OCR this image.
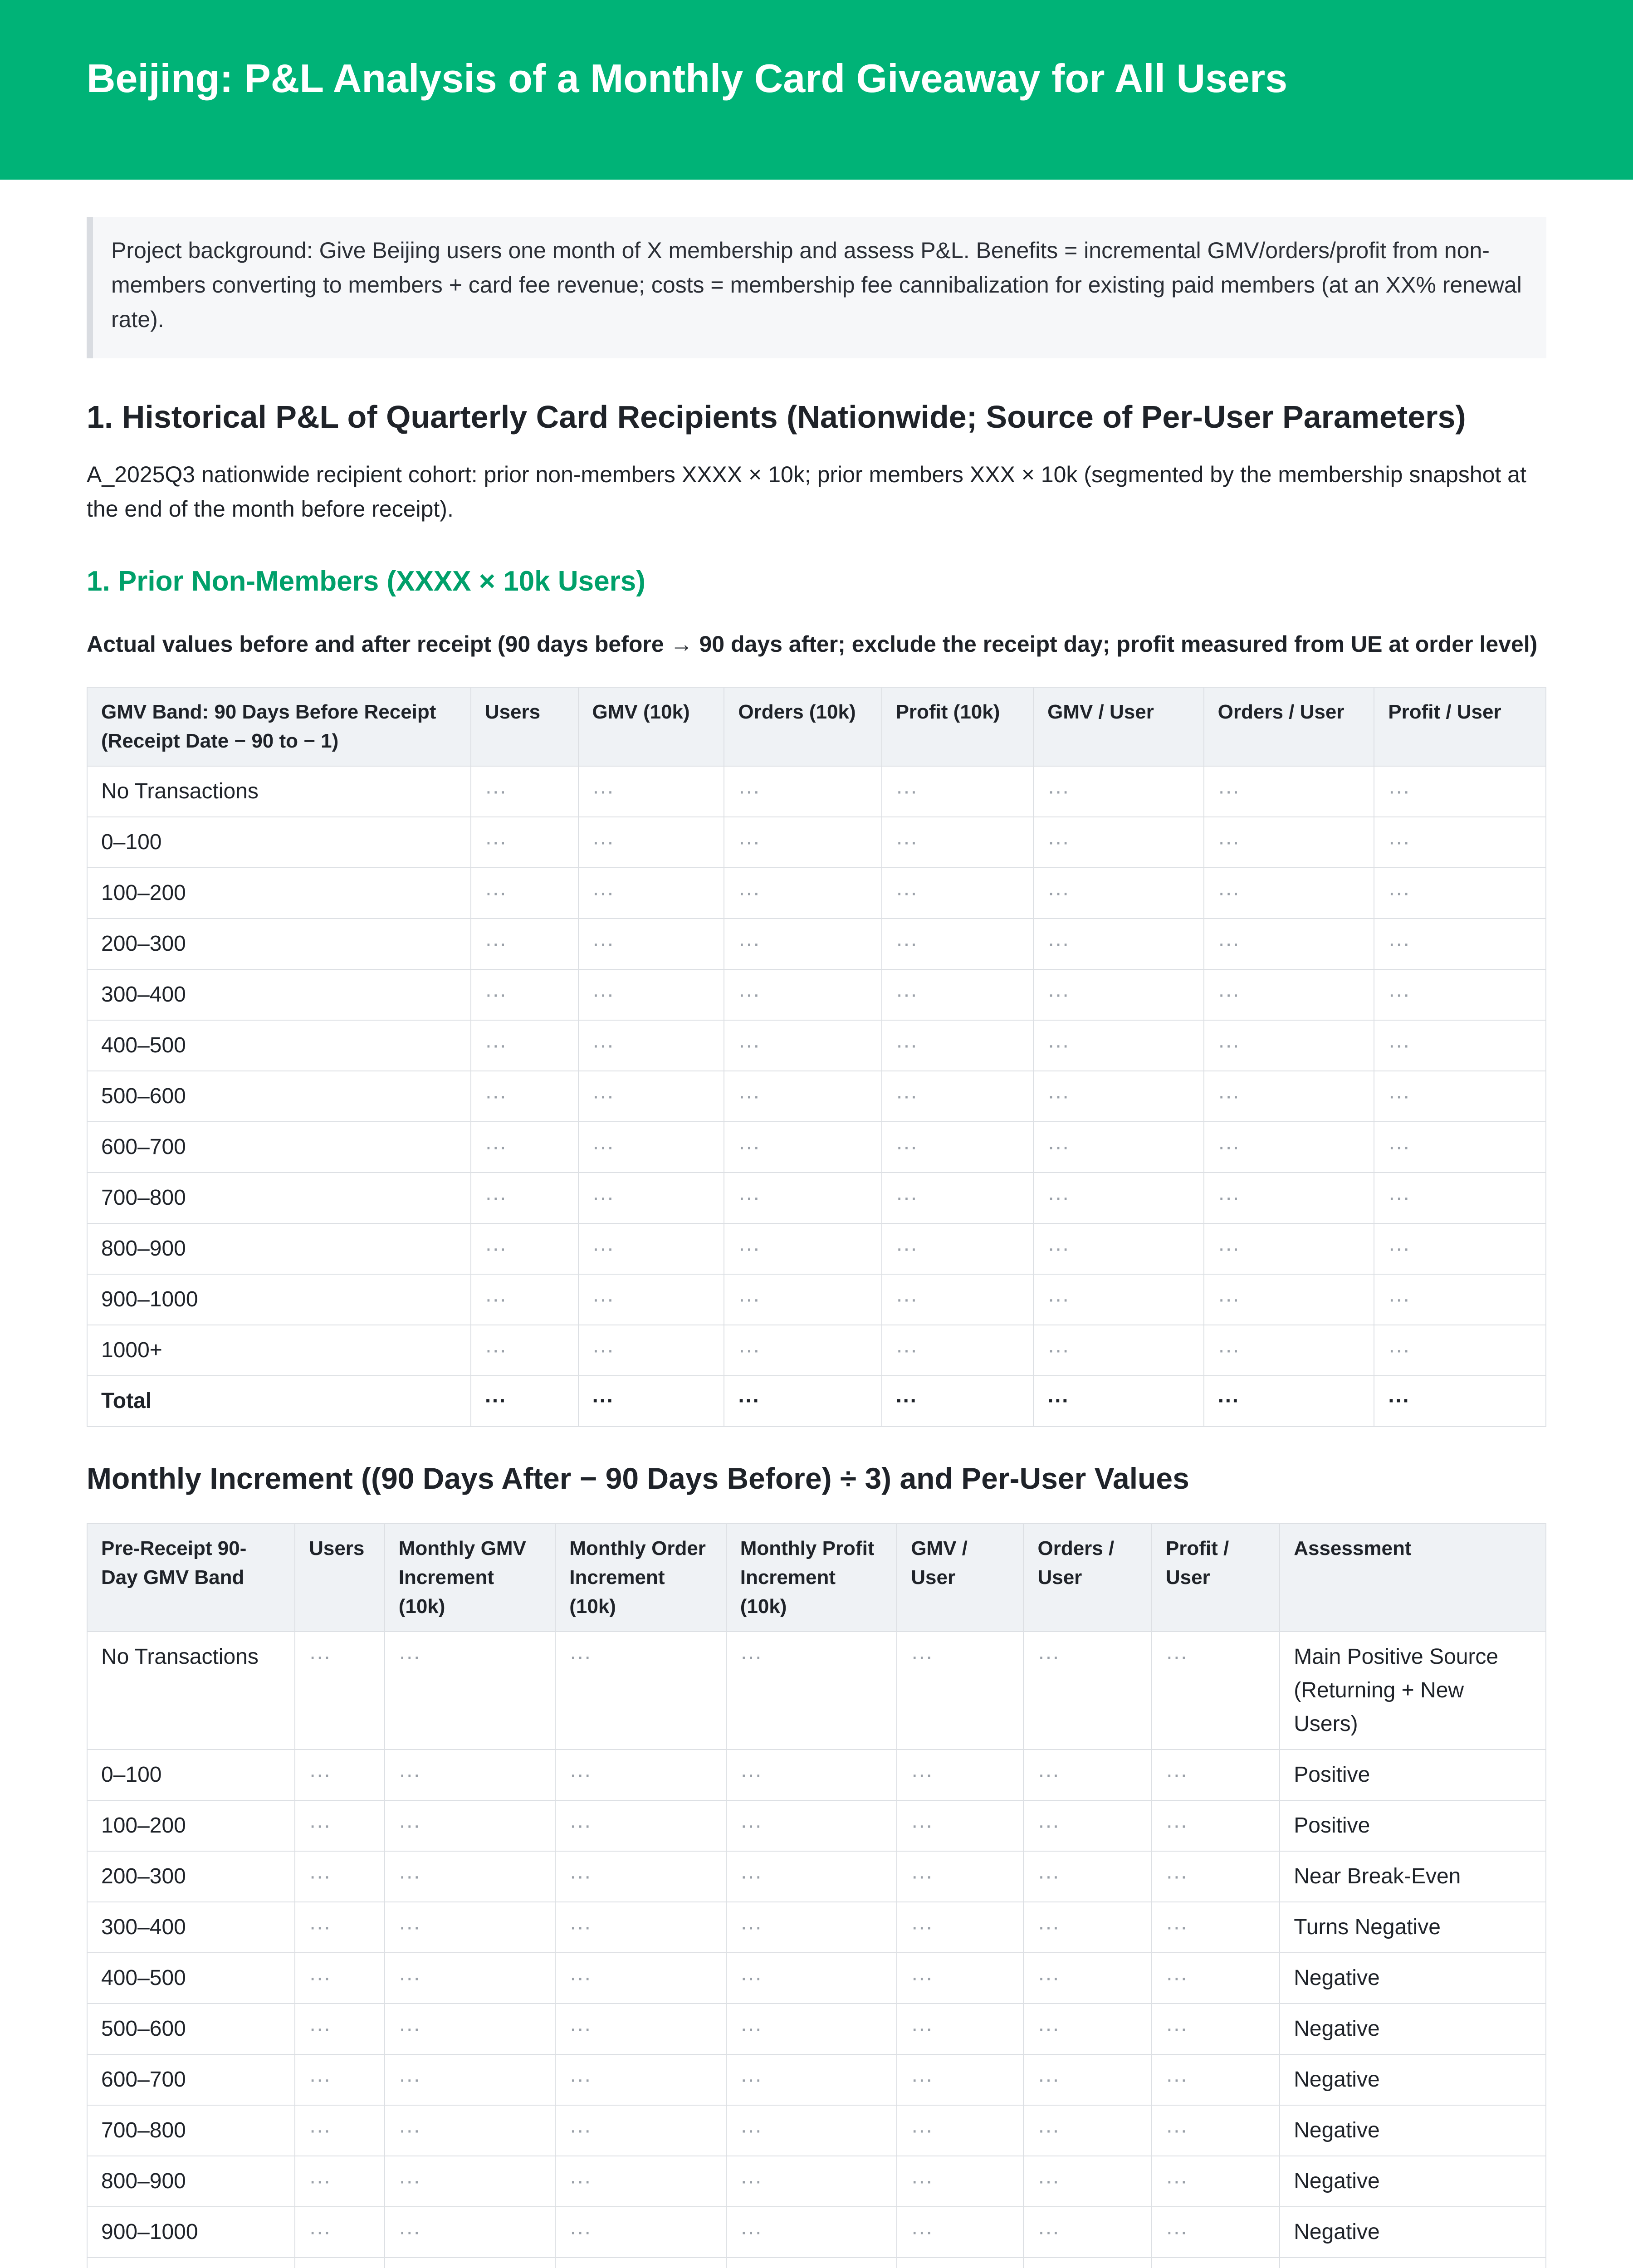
Beijing: P&L Analysis of a Monthly Card Giveaway for All Users
Project background: Give Beijing users one month of X membership and assess P&L. Benefits = incremental GMV/orders/profit from non-members converting to members + card fee revenue; costs = membership fee cannibalization for existing paid members (at an XX% renewal rate).
1. Historical P&L of Quarterly Card Recipients (Nationwide; Source of Per-User Parameters)

A_2025Q3 nationwide recipient cohort: prior non-members XXXX × 10k; prior members XXX × 10k (segmented by the membership snapshot at the end of the month before receipt).

1. Prior Non-Members (XXXX × 10k Users)
Actual values before and after receipt (90 days before → 90 days after; exclude the receipt day; profit measured from UE at order level)
GMV Band: 90 Days Before Receipt (Receipt Date − 90 to − 1)	Users	GMV (10k)	Orders (10k)	Profit (10k)	GMV / User	Orders / User	Profit / User
No Transactions	···	···	···	···	···	···	···
0–100	···	···	···	···	···	···	···
100–200	···	···	···	···	···	···	···
200–300	···	···	···	···	···	···	···
300–400	···	···	···	···	···	···	···
400–500	···	···	···	···	···	···	···
500–600	···	···	···	···	···	···	···
600–700	···	···	···	···	···	···	···
700–800	···	···	···	···	···	···	···
800–900	···	···	···	···	···	···	···
900–1000	···	···	···	···	···	···	···
1000+	···	···	···	···	···	···	···
Total	···	···	···	···	···	···	···
Monthly Increment ((90 Days After − 90 Days Before) ÷ 3) and Per-User Values
Pre-Receipt 90-Day GMV Band	Users	Monthly GMV Increment (10k)	Monthly Order Increment (10k)	Monthly Profit Increment (10k)	GMV / User	Orders / User	Profit / User	Assessment
No Transactions	···	···	···	···	···	···	···	Main Positive Source (Returning + New Users)
0–100	···	···	···	···	···	···	···	Positive
100–200	···	···	···	···	···	···	···	Positive
200–300	···	···	···	···	···	···	···	Near Break-Even
300–400	···	···	···	···	···	···	···	Turns Negative
400–500	···	···	···	···	···	···	···	Negative
500–600	···	···	···	···	···	···	···	Negative
600–700	···	···	···	···	···	···	···	Negative
700–800	···	···	···	···	···	···	···	Negative
800–900	···	···	···	···	···	···	···	Negative
900–1000	···	···	···	···	···	···	···	Negative
